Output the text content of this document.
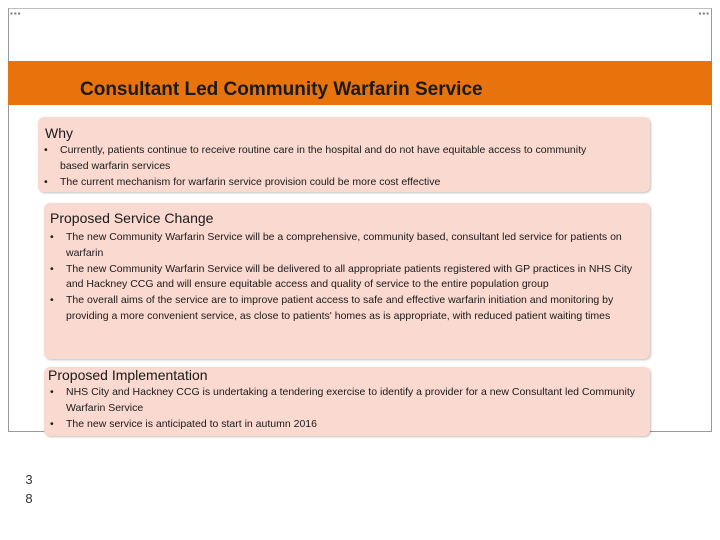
▪▪▪	▪▪▪
Consultant Led Community Warfarin Service
Why
• Currently, patients continue to receive routine care in the hospital and do not have equitable access to community based warfarin services
• The current mechanism for warfarin service provision could be more cost effective
Proposed Service Change
• The new Community Warfarin Service will be a comprehensive, community based, consultant led service for patients on warfarin
• The new Community Warfarin Service will be delivered to all appropriate patients registered with GP practices in NHS City and Hackney CCG and will ensure equitable access and quality of service to the entire population group
• The overall aims of the service are to improve patient access to safe and effective warfarin initiation and monitoring by providing a more convenient service, as close to patients' homes as is appropriate, with reduced patient waiting times
Proposed Implementation
• NHS City and Hackney CCG is undertaking a tendering exercise to identify a provider for a new Consultant led Community Warfarin Service
• The new service is anticipated to start in autumn 2016
3
8
